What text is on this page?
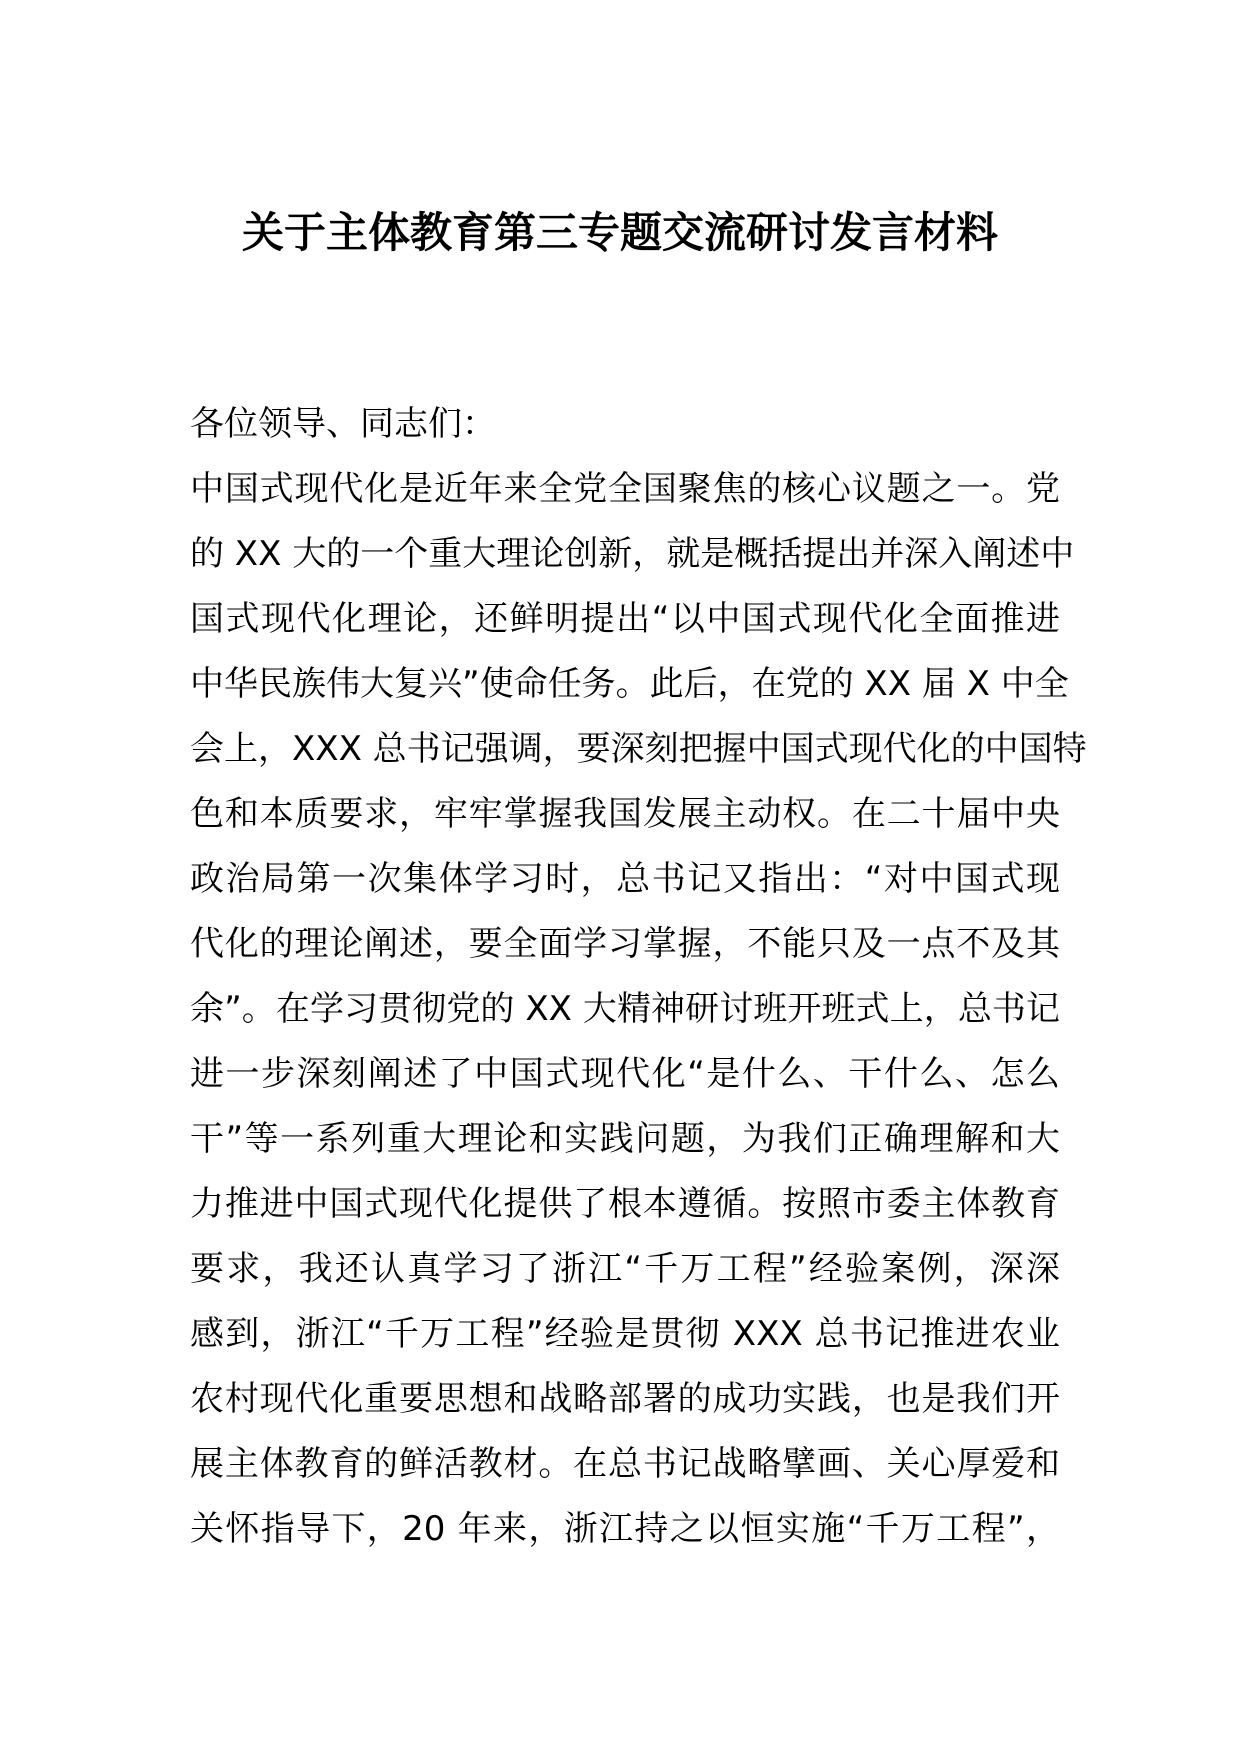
关于主体教育第三专题交流研讨发言材料
各位领导、同志们：
中国式现代化是近年来全党全国聚焦的核心议题之一。党
的 XX 大的一个重大理论创新，就是概括提出并深入阐述中
国式现代化理论，还鲜明提出“以中国式现代化全面推进
中华民族伟大复兴”使命任务。此后，在党的 XX 届 X 中全
会上，XXX 总书记强调，要深刻把握中国式现代化的中国特
色和本质要求，牢牢掌握我国发展主动权。在二十届中央
政治局第一次集体学习时，总书记又指出：“对中国式现
代化的理论阐述，要全面学习掌握，不能只及一点不及其
余”。在学习贯彻党的 XX 大精神研讨班开班式上，总书记
进一步深刻阐述了中国式现代化“是什么、干什么、怎么
干”等一系列重大理论和实践问题，为我们正确理解和大
力推进中国式现代化提供了根本遵循。按照市委主体教育
要求，我还认真学习了浙江“千万工程”经验案例，深深
感到，浙江“千万工程”经验是贯彻 XXX 总书记推进农业
农村现代化重要思想和战略部署的成功实践，也是我们开
展主体教育的鲜活教材。在总书记战略擘画、关心厚爱和
关怀指导下，20 年来，浙江持之以恒实施“千万工程”，
